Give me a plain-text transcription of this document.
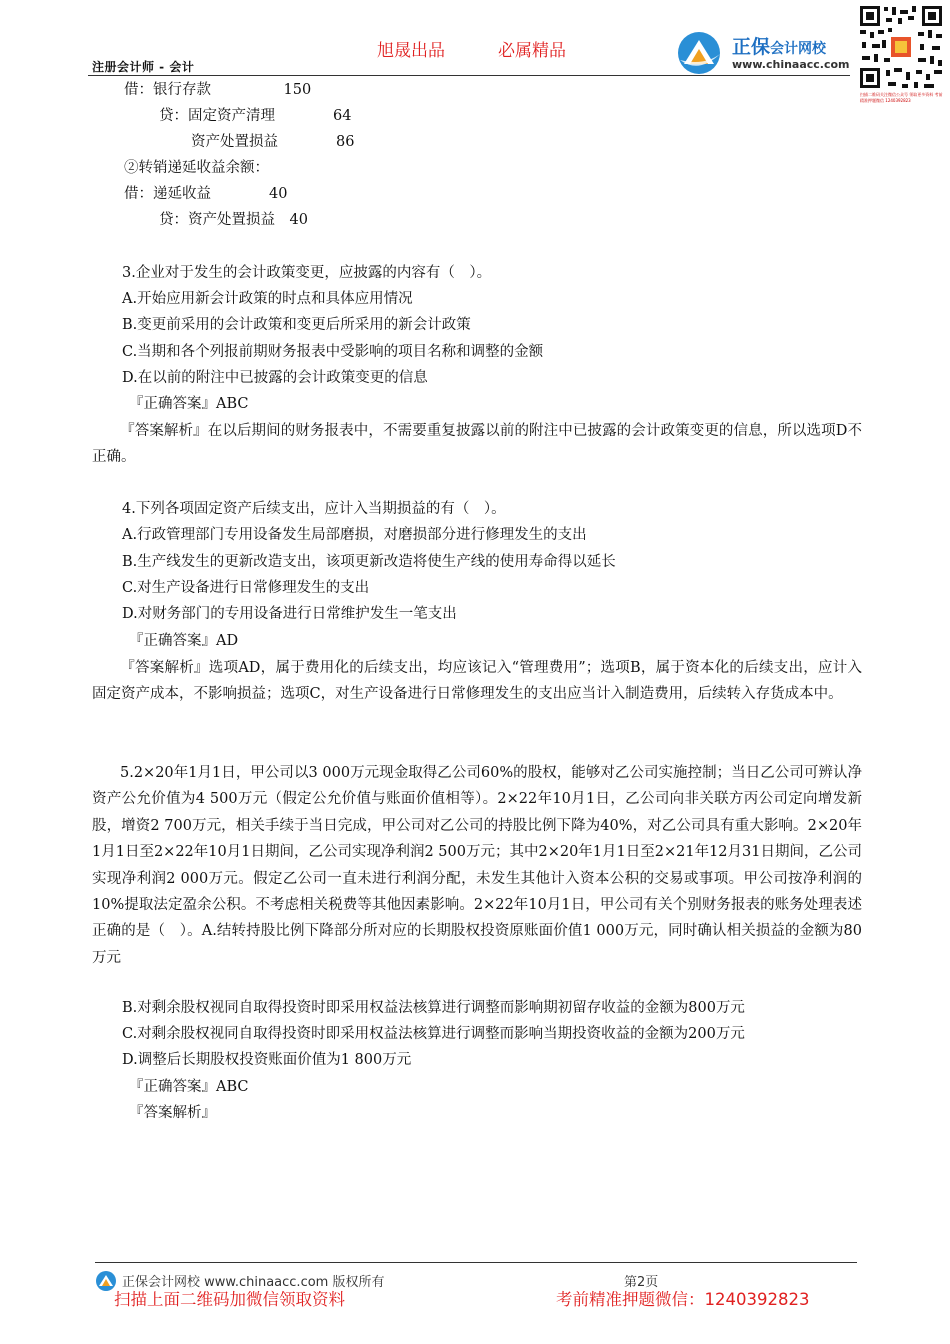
旭晟出品	必属精品
注册会计师 - 会计
正保会计网校
www.chinaacc.com
扫描二维码关注微信公众号 领取更多资料 考前精准押题微信 1240392823
借：银行存款　　　　　150
贷：固定资产清理　　　　64
资产处置损益　　　　86
②转销递延收益余额：
借：递延收益　　　　40
贷：资产处置损益　40
3.企业对于发生的会计政策变更，应披露的内容有（　）。
A.开始应用新会计政策的时点和具体应用情况
B.变更前采用的会计政策和变更后所采用的新会计政策
C.当期和各个列报前期财务报表中受影响的项目名称和调整的金额
D.在以前的附注中已披露的会计政策变更的信息
『正确答案』ABC
『答案解析』在以后期间的财务报表中，不需要重复披露以前的附注中已披露的会计政策变更的信息，所以选项D不正确。
4.下列各项固定资产后续支出，应计入当期损益的有（　）。
A.行政管理部门专用设备发生局部磨损，对磨损部分进行修理发生的支出
B.生产线发生的更新改造支出，该项更新改造将使生产线的使用寿命得以延长
C.对生产设备进行日常修理发生的支出
D.对财务部门的专用设备进行日常维护发生一笔支出
『正确答案』AD
『答案解析』选项AD，属于费用化的后续支出，均应该记入“管理费用”；选项B，属于资本化的后续支出，应计入固定资产成本，不影响损益；选项C，对生产设备进行日常修理发生的支出应当计入制造费用，后续转入存货成本中。
5.2×20年1月1日，甲公司以3 000万元现金取得乙公司60%的股权，能够对乙公司实施控制；当日乙公司可辨认净资产公允价值为4 500万元（假定公允价值与账面价值相等）。2×22年10月1日，乙公司向非关联方丙公司定向增发新股，增资2 700万元，相关手续于当日完成，甲公司对乙公司的持股比例下降为40%，对乙公司具有重大影响。2×20年1月1日至2×22年10月1日期间，乙公司实现净利润2 500万元；其中2×20年1月1日至2×21年12月31日期间，乙公司实现净利润2 000万元。假定乙公司一直未进行利润分配，未发生其他计入资本公积的交易或事项。甲公司按净利润的10%提取法定盈余公积。不考虑相关税费等其他因素影响。2×22年10月1日，甲公司有关个别财务报表的账务处理表述正确的是（　）。A.结转持股比例下降部分所对应的长期股权投资原账面价值1 000万元，同时确认相关损益的金额为80万元
B.对剩余股权视同自取得投资时即采用权益法核算进行调整而影响期初留存收益的金额为800万元
C.对剩余股权视同自取得投资时即采用权益法核算进行调整而影响当期投资收益的金额为200万元
D.调整后长期股权投资账面价值为1 800万元
『正确答案』ABC
『答案解析』
正保会计网校 www.chinaacc.com 版权所有	第2页
扫描上面二维码加微信领取资料	考前精准押题微信：1240392823
